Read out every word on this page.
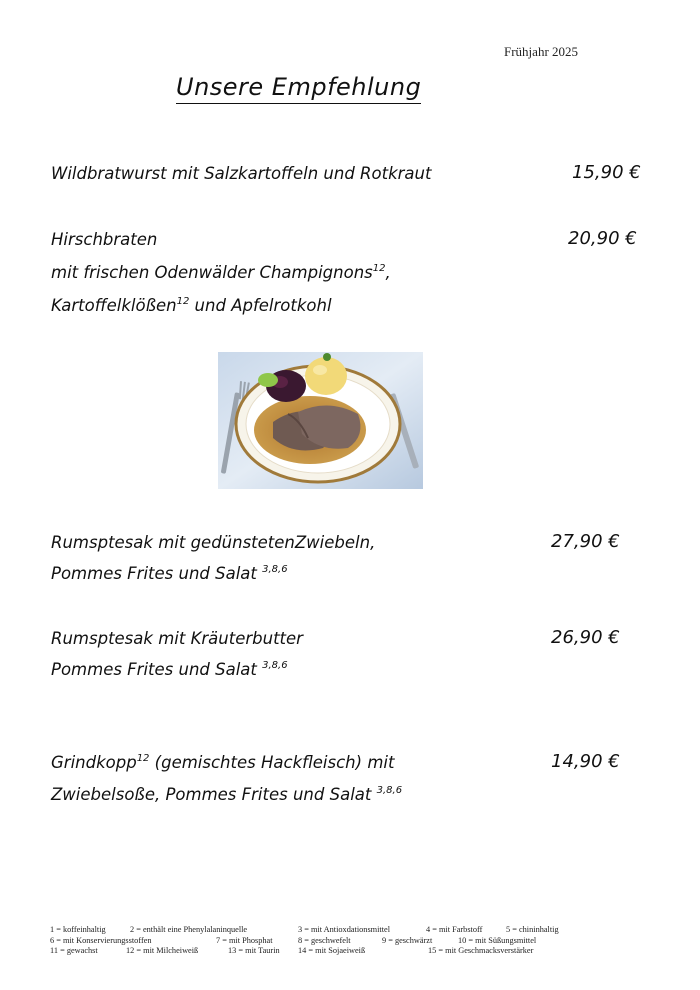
Frühjahr 2025
Unsere Empfehlung
Wildbratwurst mit Salzkartoffeln und Rotkraut	15,90 €
Hirschbraten
mit frischen Odenwälder Champignons$^{12}$,
Kartoffelklößen$^{12}$ und Apfelrotkohl
20,90 €
Rumsptesak mit gedünstetenZwiebeln,
Pommes Frites und Salat $^{3,8,6}$
27,90 €
Rumsptesak mit Kräuterbutter
Pommes Frites und Salat $^{3,8,6}$
26,90 €
Grindkopp$^{12}$ (gemischtes Hackfleisch) mit
Zwiebelsoße, Pommes Frites und Salat $^{3,8,6}$
14,90 €
1 = koffeinhaltig	2 = enthält eine Phenylalaninquelle	3 = mit Antioxdationsmittel	4 = mit Farbstoff	5 = chininhaltig
6 = mit Konservierungsstoffen	7 = mit Phosphat	8 = geschwefelt	9 = geschwärzt	10 = mit Süßungsmittel
11 = gewachst	12 = mit Milcheiweiß	13 = mit Taurin 14 = mit Sojaeiweiß	15 = mit Geschmacksverstärker
